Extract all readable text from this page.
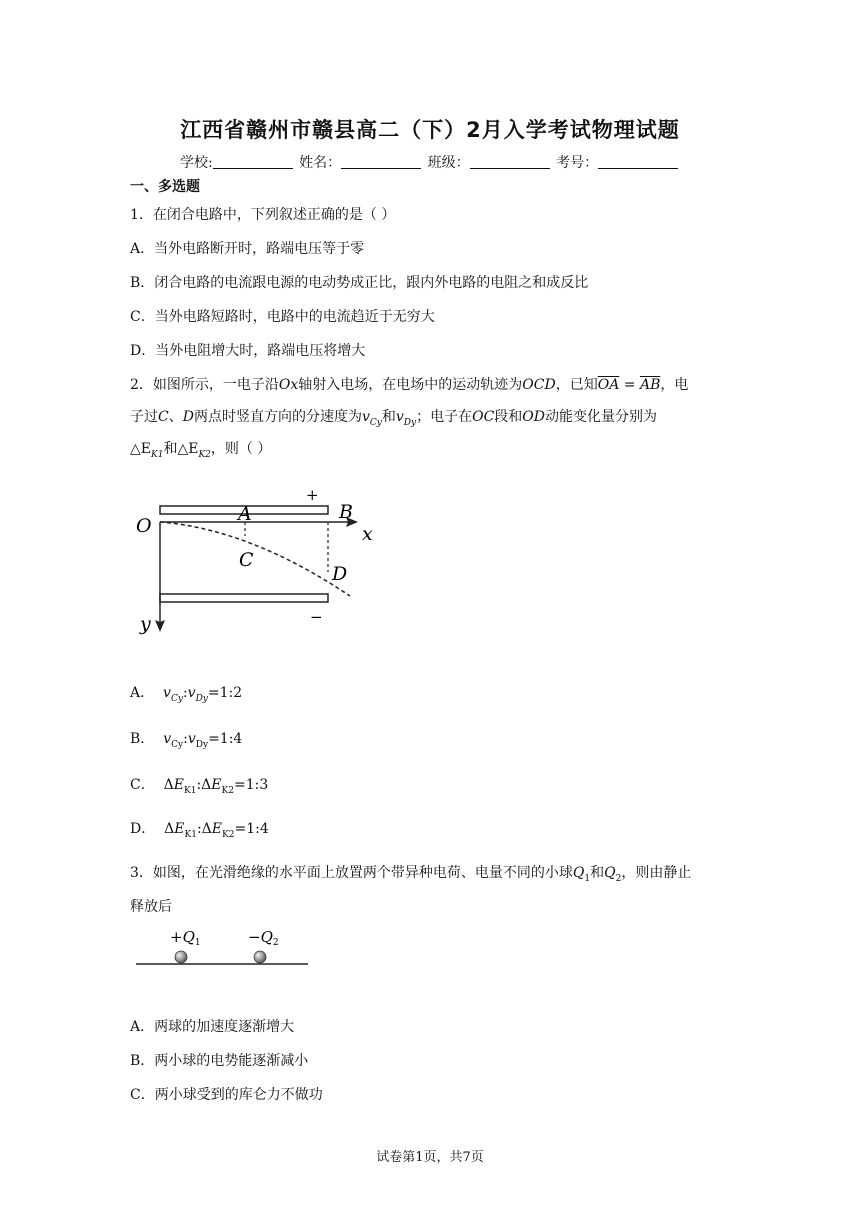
江西省赣州市赣县高二（下）2月入学考试物理试题
学校:	姓名：	班级：	考号：
一、多选题
1．在闭合电路中，下列叙述正确的是（ ）
A．当外电路断开时，路端电压等于零
B．闭合电路的电流跟电源的电动势成正比，跟内外电路的电阻之和成反比
C．当外电路短路时，电路中的电流趋近于无穷大
D．当外电阻增大时，路端电压将增大
2．如图所示，一电子沿Ox轴射入电场，在电场中的运动轨迹为OCD，已知$\overline{OA} = \overline{AB}$，电
子过C、D两点时竖直方向的分速度为$v_{Cy}$和$v_{Dy}$；电子在OC段和OD动能变化量分别为
$\triangle E_{K1}$和$\triangle E_{K2}$，则（ ）
+
−
O
A	B
x
C
D
y
A． $v_{Cy}:v_{Dy}=1:2$
B． $v_{Cy}:v_{Dy}=1:4$
C． $\Delta E_{K1}:\Delta E_{K2}=1:3$
D． $\Delta E_{K1}:\Delta E_{K2}=1:4$
3．如图，在光滑绝缘的水平面上放置两个带异种电荷、电量不同的小球$Q_1$和$Q_2$，则由静止
释放后
$+Q_1$	$-Q_2$
A．两球的加速度逐渐增大
B．两小球的电势能逐渐减小
C．两小球受到的库仑力不做功
试卷第1页，共7页
